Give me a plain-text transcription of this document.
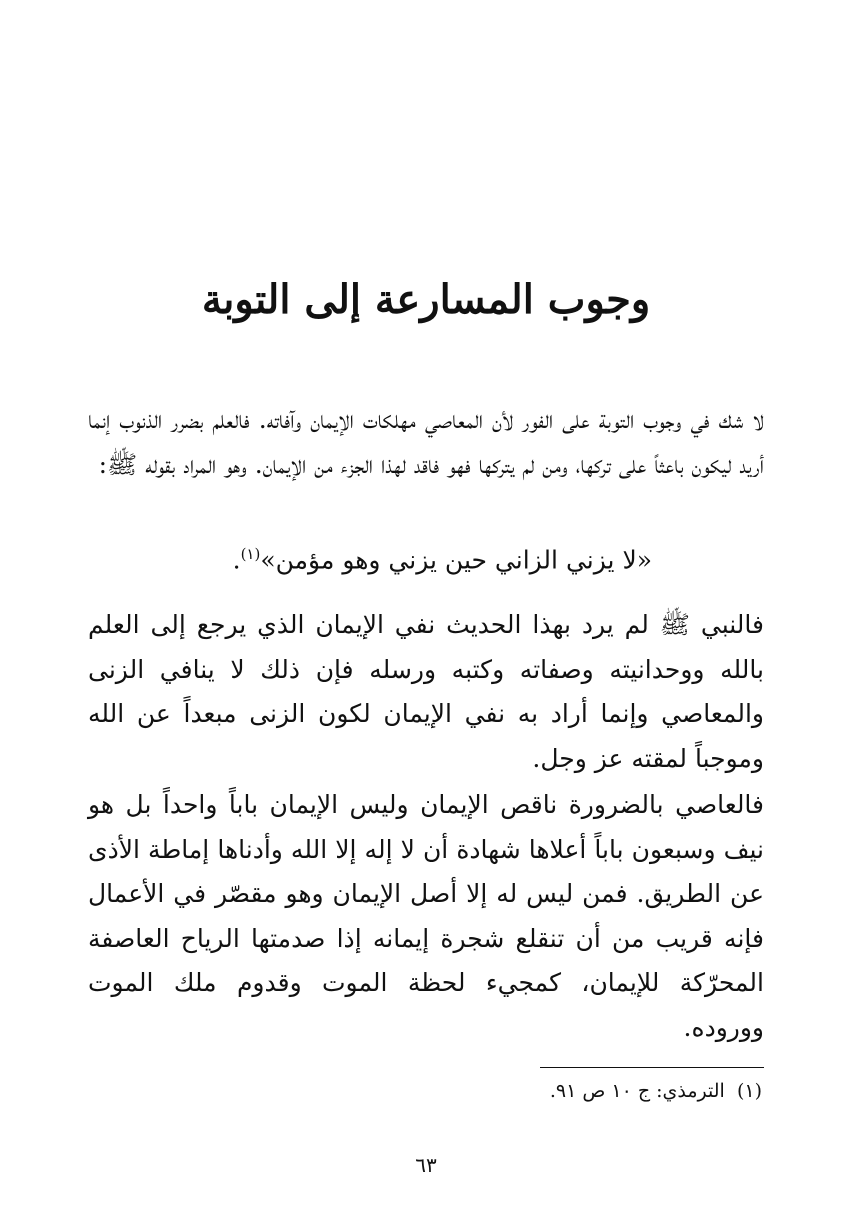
وجوب المسارعة إلى التوبة

لا شك في وجوب التوبة على الفور لأن المعاصي مهلكات الإيمان وآفاته. فالعلم بضرر الذنوب إنما أريد ليكون باعثاً على تركها، ومن لم يتركها فهو فاقد لهذا الجزء من الإيمان. وهو المراد بقوله ﷺ:

«لا يزني الزاني حين يزني وهو مؤمن»$^{(١)}$.

فالنبي ﷺ لم يرد بهذا الحديث نفي الإيمان الذي يرجع إلى العلم بالله ووحدانيته وصفاته وكتبه ورسله فإن ذلك لا ينافي الزنى والمعاصي وإنما أراد به نفي الإيمان لكون الزنى مبعداً عن الله وموجباً لمقته عز وجل.

فالعاصي بالضرورة ناقص الإيمان وليس الإيمان باباً واحداً بل هو نيف وسبعون باباً أعلاها شهادة أن لا إله إلا الله وأدناها إماطة الأذى عن الطريق. فمن ليس له إلا أصل الإيمان وهو مقصّر في الأعمال فإنه قريب من أن تنقلع شجرة إيمانه إذا صدمتها الرياح العاصفة المحرّكة للإيمان، كمجيء لحظة الموت وقدوم ملك الموت ووروده.

(١)  الترمذي: ج ١٠ ص ٩١.

٦٣
